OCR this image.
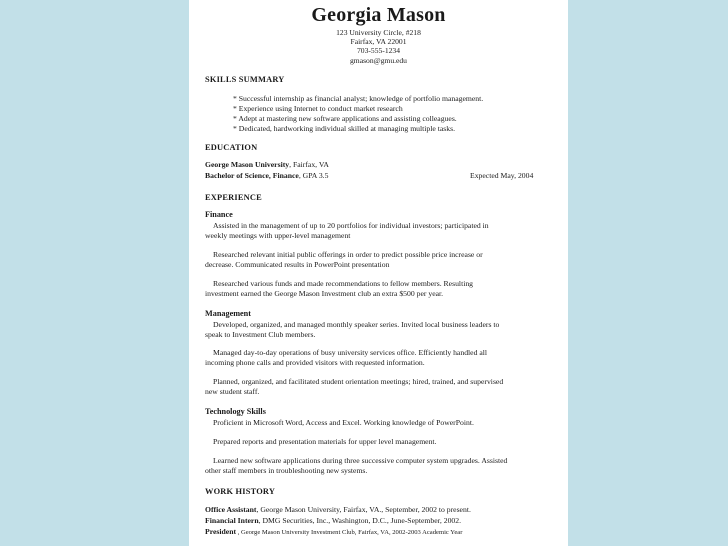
Georgia Mason
123 University Circle, #218
Fairfax, VA 22001
703-555-1234
gmason@gmu.edu
SKILLS SUMMARY
* Successful internship as financial analyst; knowledge of portfolio management.
* Experience using Internet to conduct market research
* Adept at mastering new software applications and assisting colleagues.
* Dedicated, hardworking individual skilled at managing multiple tasks.
EDUCATION
George Mason University, Fairfax, VA
Bachelor of Science, Finance, GPA 3.5	Expected May, 2004
EXPERIENCE
Finance
Assisted in the management of up to 20 portfolios for individual investors; participated in
weekly meetings with upper-level management
Researched relevant initial public offerings in order to predict possible price increase or
decrease. Communicated results in PowerPoint presentation
Researched various funds and made recommendations to fellow members. Resulting
investment earned the George Mason Investment club an extra $500 per year.
Management
Developed, organized, and managed monthly speaker series. Invited local business leaders to
speak to Investment Club members.
Managed day-to-day operations of busy university services office. Efficiently handled all
incoming phone calls and provided visitors with requested information.
Planned, organized, and facilitated student orientation meetings; hired, trained, and supervised
new student staff.
Technology Skills
Proficient in Microsoft Word, Access and Excel. Working knowledge of PowerPoint.
Prepared reports and presentation materials for upper level management.
Learned new software applications during three successive computer system upgrades. Assisted
other staff members in troubleshooting new systems.
WORK HISTORY
Office Assistant, George Mason University, Fairfax, VA., September, 2002 to present.
Financial Intern, DMG Securities, Inc., Washington, D.C., June-September, 2002.
President , George Mason University Investment Club, Fairfax, VA, 2002-2003 Academic Year
